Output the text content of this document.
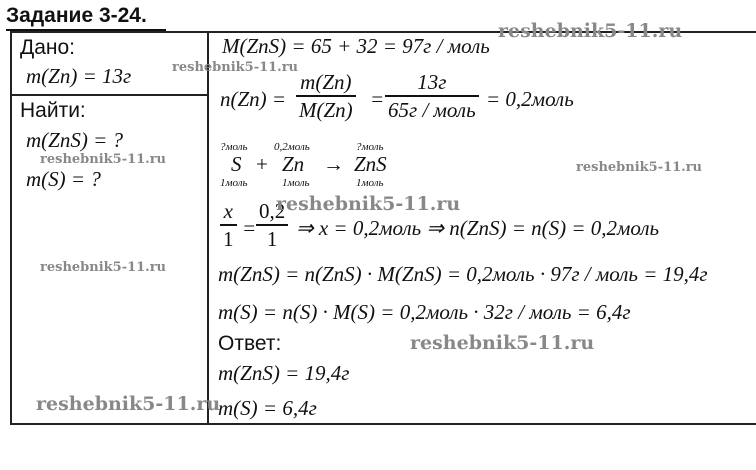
Задание 3-24.
Дано:
m(Zn) = 13г
Найти:
m(ZnS) = ?
m(S) = ?
M(ZnS) = 65 + 32 = 97г / моль
n(Zn) =
m(Zn)
M(Zn) =
13г
65г / моль = 0,2моль
?моль
S
1моль
+
0,2моль
Zn
1моль
→
?моль
ZnS
1моль
x
1 =
0,2
1 ⇒ x = 0,2моль ⇒ n(ZnS) = n(S) = 0,2моль
m(ZnS) = n(ZnS) · M(ZnS) = 0,2моль · 97г / моль = 19,4г
m(S) = n(S) · M(S) = 0,2моль · 32г / моль = 6,4г
Ответ:
m(ZnS) = 19,4г
m(S) = 6,4г
reshebnik5-11.ru
reshebnik5-11.ru
reshebnik5-11.ru
reshebnik5-11.ru
reshebnik5-11.ru
reshebnik5-11.ru
reshebnik5-11.ru
reshebnik5-11.ru
